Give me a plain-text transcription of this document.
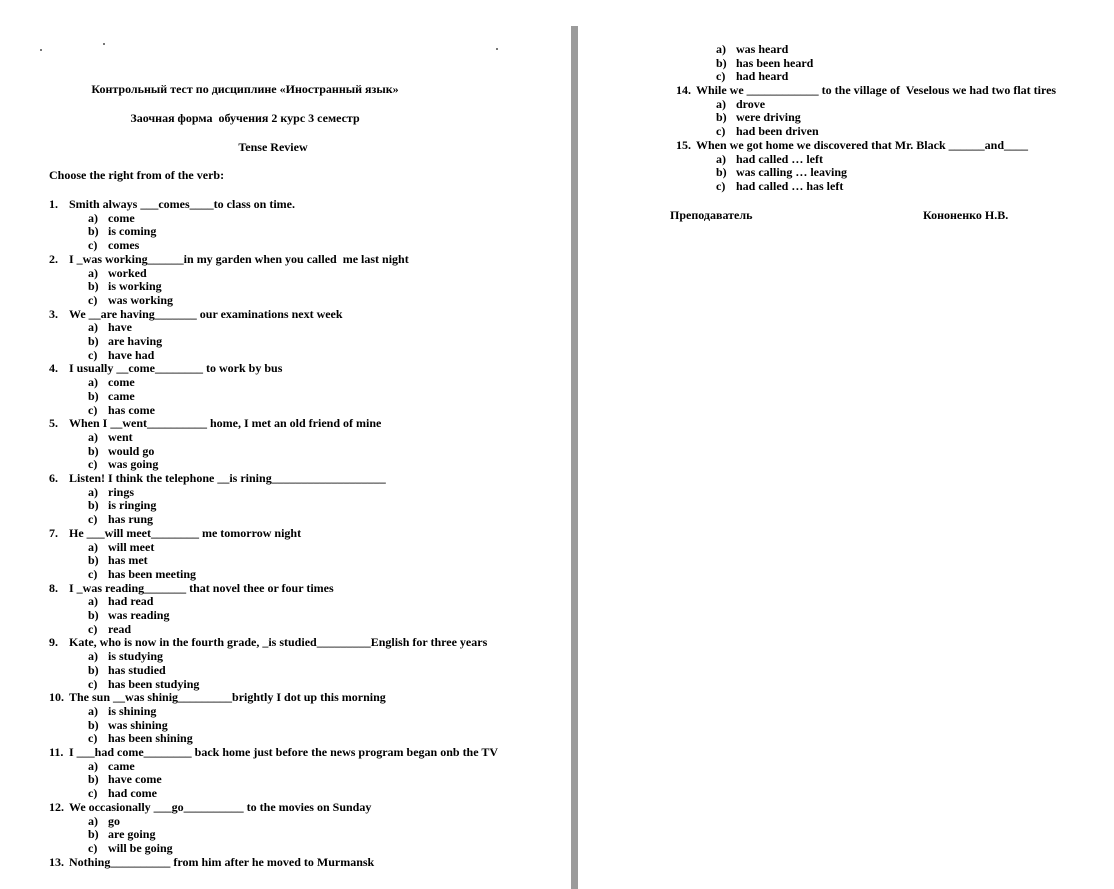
Контрольный тест по дисциплине «Иностранный язык»
Заочная форма  обучения 2 курс 3 семестр
Tense Review
Choose the right from of the verb:
1. Smith always ___comes____to class on time.
a) come
b) is coming
c) comes
2. I _was working______in my garden when you called  me last night
a) worked
b) is working
c) was working
3. We __are having_______ our examinations next week
a) have
b) are having
c) have had
4. I usually __come________ to work by bus
a) come
b) came
c) has come
5. When I __went__________ home, I met an old friend of mine
a) went
b) would go
c) was going
6. Listen! I think the telephone __is rining___________________
a) rings
b) is ringing
c) has rung
7. He ___will meet________ me tomorrow night
a) will meet
b) has met
c) has been meeting
8. I _was reading_______ that novel thee or four times
a) had read
b) was reading
c) read
9. Kate, who is now in the fourth grade, _is studied_________English for three years
a) is studying
b) has studied
c) has been studying
10. The sun __was shinig_________brightly I dot up this morning
a) is shining
b) was shining
c) has been shining
11. I ___had come________ back home just before the news program began onb the TV
a) came
b) have come
c) had come
12. We occasionally ___go__________ to the movies on Sunday
a) go
b) are going
c) will be going
13. Nothing__________ from him after he moved to Murmansk
a) was heard
b) has been heard
c) had heard
14. While we ____________ to the village of  Veselous we had two flat tires
a) drove
b) were driving
c) had been driven
15. When we got home we discovered that Mr. Black ______and____
a) had called … left
b) was calling … leaving
c) had called … has left
Преподаватель	Кононенко Н.В.
